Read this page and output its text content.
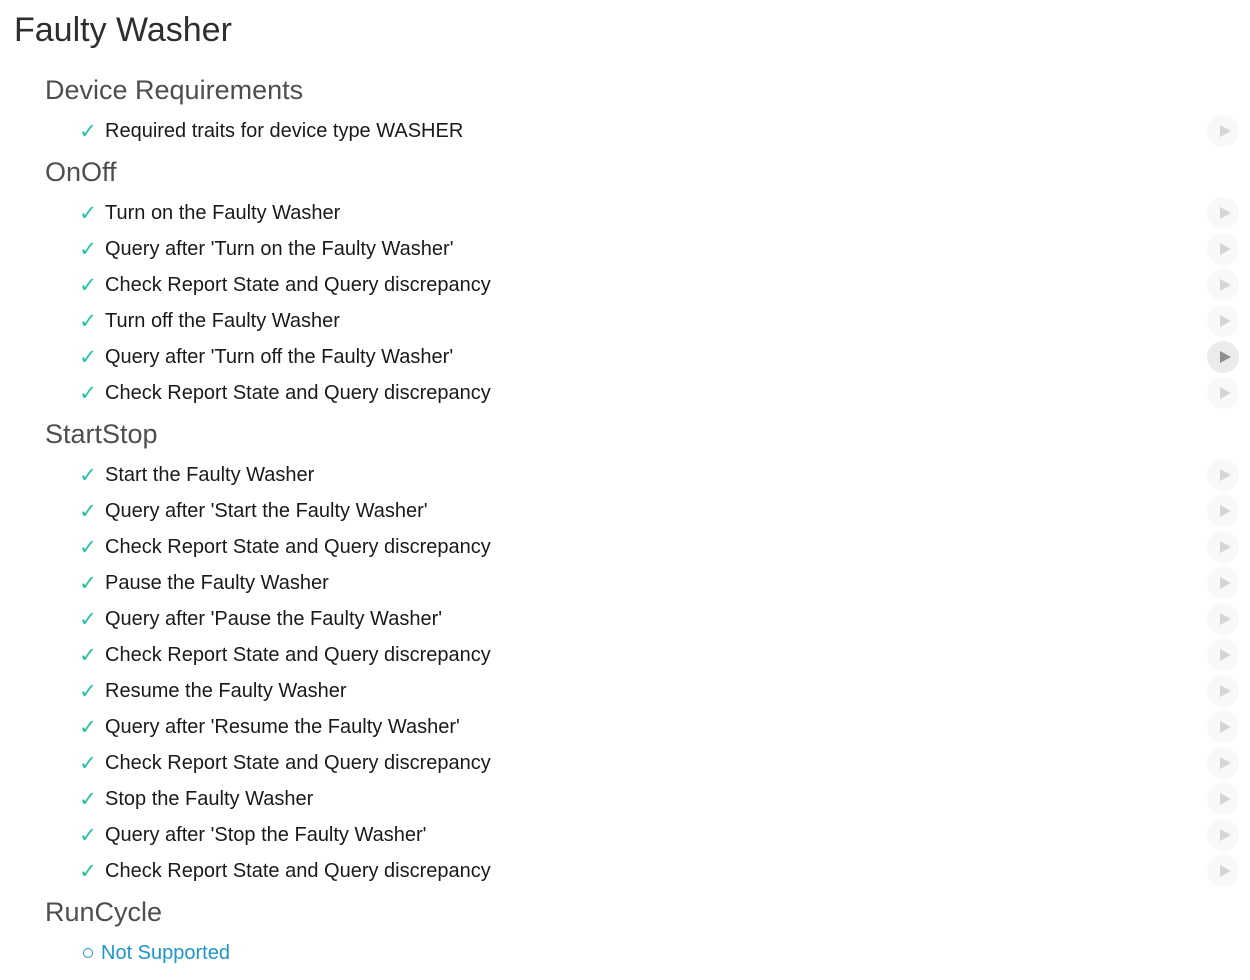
Faulty Washer
Device Requirements
✓ Required traits for device type WASHER
OnOff
✓ Turn on the Faulty Washer
✓ Query after 'Turn on the Faulty Washer'
✓ Check Report State and Query discrepancy
✓ Turn off the Faulty Washer
✓ Query after 'Turn off the Faulty Washer'
✓ Check Report State and Query discrepancy
StartStop
✓ Start the Faulty Washer
✓ Query after 'Start the Faulty Washer'
✓ Check Report State and Query discrepancy
✓ Pause the Faulty Washer
✓ Query after 'Pause the Faulty Washer'
✓ Check Report State and Query discrepancy
✓ Resume the Faulty Washer
✓ Query after 'Resume the Faulty Washer'
✓ Check Report State and Query discrepancy
✓ Stop the Faulty Washer
✓ Query after 'Stop the Faulty Washer'
✓ Check Report State and Query discrepancy
RunCycle
Not Supported
